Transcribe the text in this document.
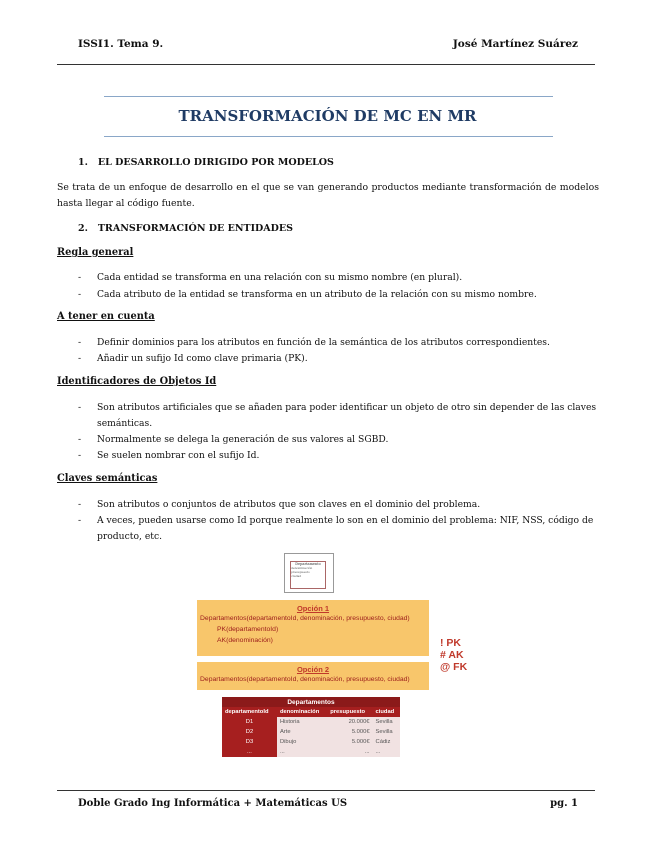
ISSI1. Tema 9.	José Martínez Suárez
TRANSFORMACIÓN DE MC EN MR
1. EL DESARROLLO DIRIGIDO POR MODELOS
Se trata de un enfoque de desarrollo en el que se van generando productos mediante transformación de modelos hasta llegar al código fuente.
2. TRANSFORMACIÓN DE ENTIDADES
Regla general
- Cada entidad se transforma en una relación con su mismo nombre (en plural).
- Cada atributo de la entidad se transforma en un atributo de la relación con su mismo nombre.
A tener en cuenta
- Definir dominios para los atributos en función de la semántica de los atributos correspondientes.
- Añadir un sufijo Id como clave primaria (PK).
Identificadores de Objetos Id
- Son atributos artificiales que se añaden para poder identificar un objeto de otro sin depender de las claves semánticas.
- Normalmente se delega la generación de sus valores al SGBD.
- Se suelen nombrar con el sufijo Id.
Claves semánticas
- Son atributos o conjuntos de atributos que son claves en el dominio del problema.
- A veces, pueden usarse como Id porque realmente lo son en el dominio del problema: NIF, NSS, código de producto, etc.
Departamento
denominación
presupuesto
ciudad
Opción 1
Departamentos(departamentoId, denominación, presupuesto, ciudad)
PK(departamentoId)
AK(denominación)	! PK
# AK
@ FK
Opción 2
Departamentos(departamentoId, denominación, presupuesto, ciudad)
Departamentos			
departamentoId	denominación	presupuesto	ciudad
D1	Historia	20.000€	Sevilla
D2	Arte	5.000€	Sevilla
D3	Dibujo	5.000€	Cádiz
...	...	...	...
Doble Grado Ing Informática + Matemáticas US	pg. 1
